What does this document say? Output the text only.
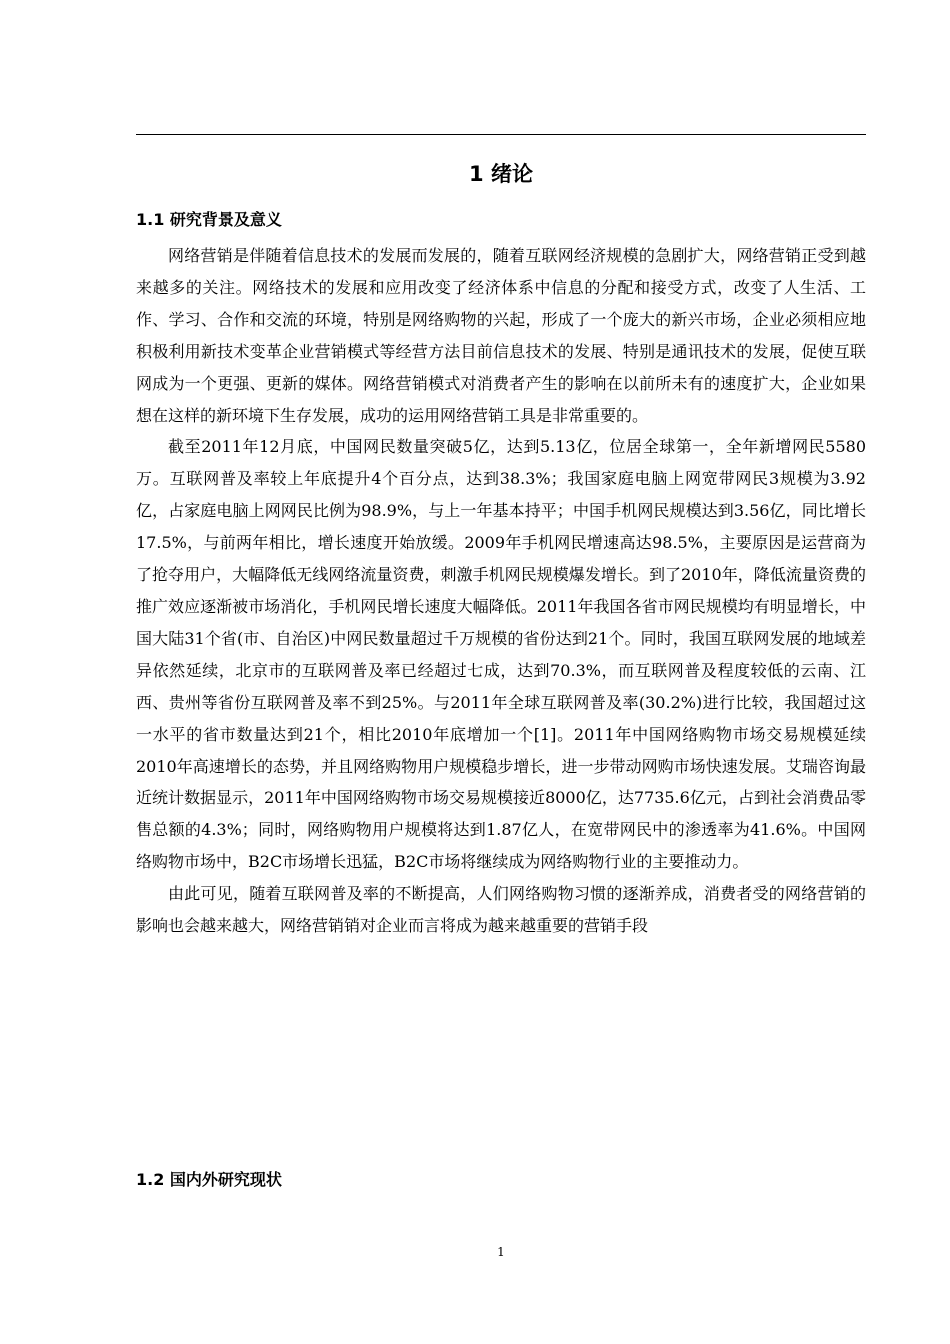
1 绪论
1.1 研究背景及意义

网络营销是伴随着信息技术的发展而发展的，随着互联网经济规模的急剧扩大，网络营销正受到越来越多的关注。网络技术的发展和应用改变了经济体系中信息的分配和接受方式，改变了人生活、工作、学习、合作和交流的环境，特别是网络购物的兴起，形成了一个庞大的新兴市场，企业必须相应地积极利用新技术变革企业营销模式等经营方法目前信息技术的发展、特别是通讯技术的发展，促使互联网成为一个更强、更新的媒体。网络营销模式对消费者产生的影响在以前所未有的速度扩大，企业如果想在这样的新环境下生存发展，成功的运用网络营销工具是非常重要的。

截至2011年12月底，中国网民数量突破5亿，达到5.13亿，位居全球第一，全年新增网民5580万。互联网普及率较上年底提升4个百分点，达到38.3%；我国家庭电脑上网宽带网民3规模为3.92亿，占家庭电脑上网网民比例为98.9%，与上一年基本持平；中国手机网民规模达到3.56亿，同比增长17.5%，与前两年相比，增长速度开始放缓。2009年手机网民增速高达98.5%，主要原因是运营商为了抢夺用户，大幅降低无线网络流量资费，刺激手机网民规模爆发增长。到了2010年，降低流量资费的推广效应逐渐被市场消化，手机网民增长速度大幅降低。2011年我国各省市网民规模均有明显增长，中国大陆31个省(市、自治区)中网民数量超过千万规模的省份达到21个。同时，我国互联网发展的地域差异依然延续，北京市的互联网普及率已经超过七成，达到70.3%，而互联网普及程度较低的云南、江西、贵州等省份互联网普及率不到25%。与2011年全球互联网普及率(30.2%)进行比较，我国超过这一水平的省市数量达到21个，相比2010年底增加一个[1]。2011年中国网络购物市场交易规模延续2010年高速增长的态势，并且网络购物用户规模稳步增长，进一步带动网购市场快速发展。艾瑞咨询最近统计数据显示，2011年中国网络购物市场交易规模接近8000亿，达7735.6亿元，占到社会消费品零售总额的4.3%；同时，网络购物用户规模将达到1.87亿人，在宽带网民中的渗透率为41.6%。中国网络购物市场中，B2C市场增长迅猛，B2C市场将继续成为网络购物行业的主要推动力。

由此可见，随着互联网普及率的不断提高，人们网络购物习惯的逐渐养成，消费者受的网络营销的影响也会越来越大，网络营销销对企业而言将成为越来越重要的营销手段

1.2 国内外研究现状
1
